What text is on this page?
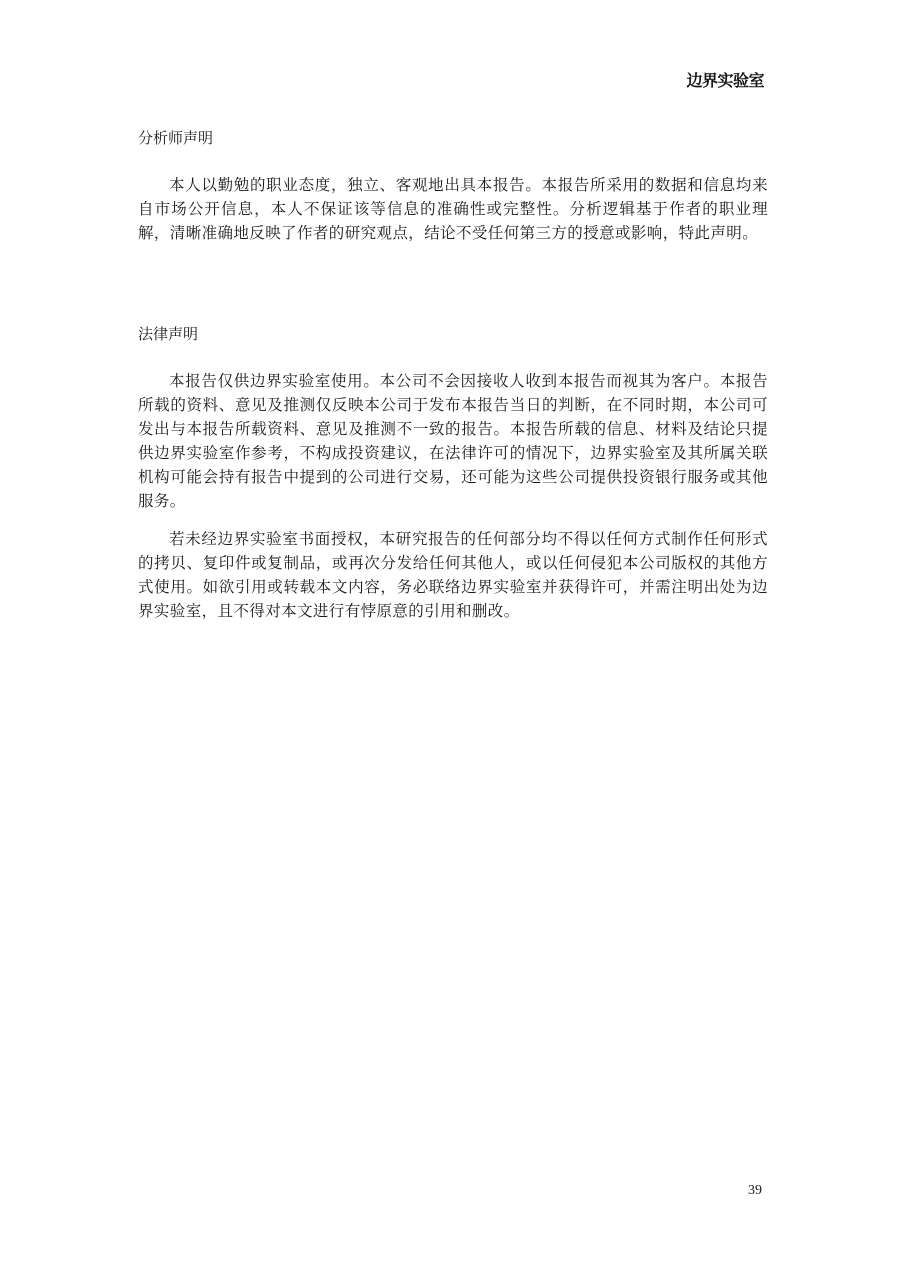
边界实验室
分析师声明

本人以勤勉的职业态度，独立、客观地出具本报告。本报告所采用的数据和信息均来自市场公开信息，本人不保证该等信息的准确性或完整性。分析逻辑基于作者的职业理解，清晰准确地反映了作者的研究观点，结论不受任何第三方的授意或影响，特此声明。

法律声明

本报告仅供边界实验室使用。本公司不会因接收人收到本报告而视其为客户。本报告所载的资料、意见及推测仅反映本公司于发布本报告当日的判断，在不同时期，本公司可发出与本报告所载资料、意见及推测不一致的报告。本报告所载的信息、材料及结论只提供边界实验室作参考，不构成投资建议，在法律许可的情况下，边界实验室及其所属关联机构可能会持有报告中提到的公司进行交易，还可能为这些公司提供投资银行服务或其他服务。

若未经边界实验室书面授权，本研究报告的任何部分均不得以任何方式制作任何形式的拷贝、复印件或复制品，或再次分发给任何其他人，或以任何侵犯本公司版权的其他方式使用。如欲引用或转载本文内容，务必联络边界实验室并获得许可，并需注明出处为边界实验室，且不得对本文进行有悖原意的引用和删改。

39
